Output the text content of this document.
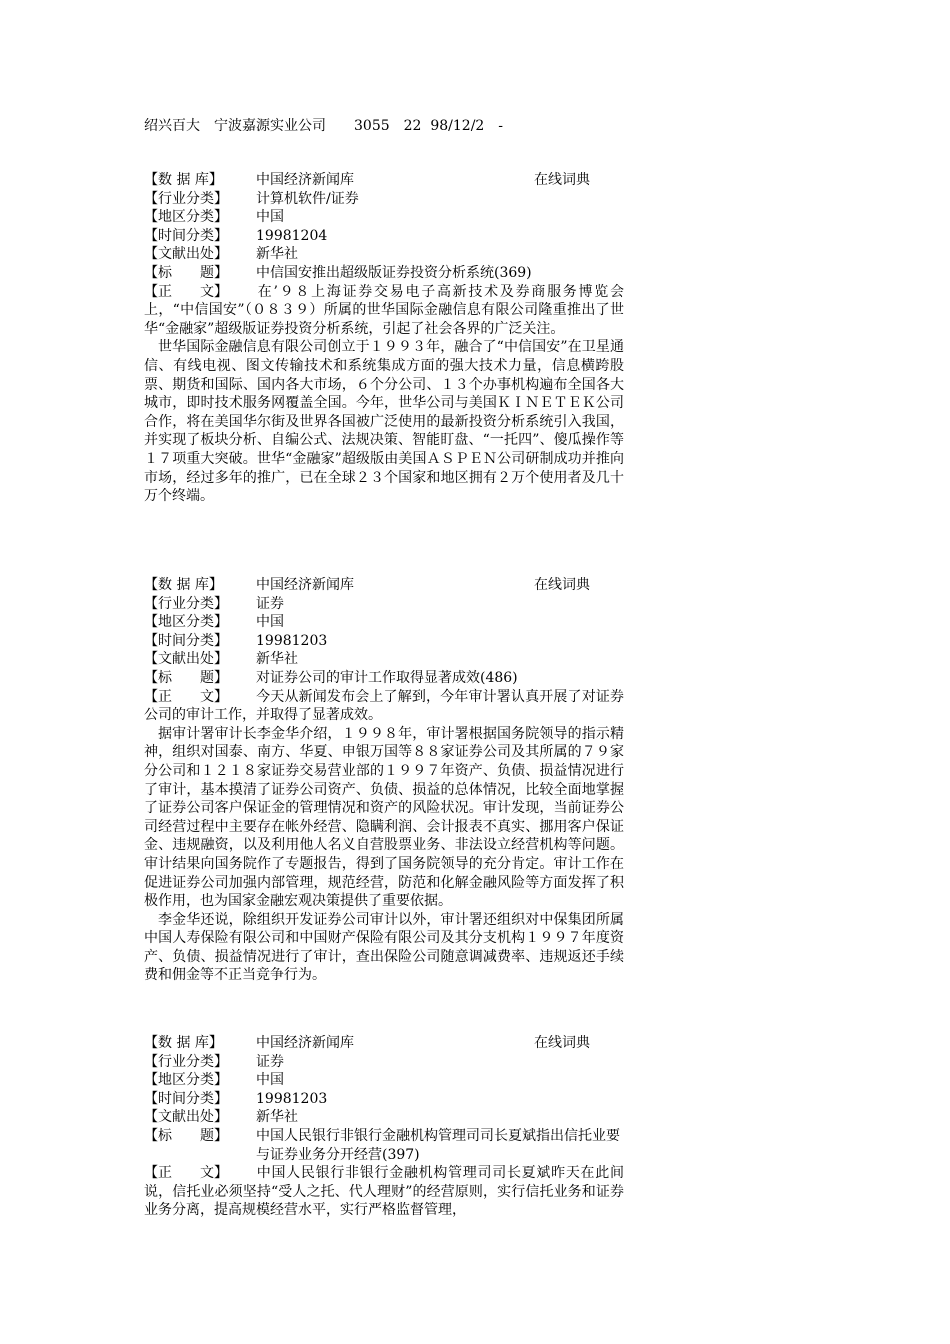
绍兴百大　宁波嘉源实业公司　　3055　22  98/12/2　-
【数 据 库】	中国经济新闻库	在线词典
【行业分类】	计算机软件/证券
【地区分类】	中国
【时间分类】	19981204
【文献出处】	新华社
【标　　题】	中信国安推出超级版证券投资分析系统(369)
【正　　文】 在’９８上海证券交易电子高新技术及券商服务博览会上，“中信国安”（０８３９）所属的世华国际金融信息有限公司隆重推出了世华“金融家”超级版证券投资分析系统，引起了社会各界的广泛关注。
世华国际金融信息有限公司创立于１９９３年，融合了“中信国安”在卫星通信、有线电视、图文传输技术和系统集成方面的强大技术力量，信息横跨股票、期货和国际、国内各大市场，６个分公司、１３个办事机构遍布全国各大城市，即时技术服务网覆盖全国。今年，世华公司与美国ＫＩＮＥＴＥＫ公司合作，将在美国华尔街及世界各国被广泛使用的最新投资分析系统引入我国，并实现了板块分析、自编公式、法规决策、智能盯盘、“一托四”、傻瓜操作等１７项重大突破。世华“金融家”超级版由美国ＡＳＰＥＮ公司研制成功并推向市场，经过多年的推广，已在全球２３个国家和地区拥有２万个使用者及几十万个终端。
【数 据 库】	中国经济新闻库	在线词典
【行业分类】	证券
【地区分类】	中国
【时间分类】	19981203
【文献出处】	新华社
【标　　题】	对证券公司的审计工作取得显著成效(486)
【正　　文】 今天从新闻发布会上了解到，今年审计署认真开展了对证券公司的审计工作，并取得了显著成效。
据审计署审计长李金华介绍，１９９８年，审计署根据国务院领导的指示精神，组织对国泰、南方、华夏、申银万国等８８家证券公司及其所属的７９家分公司和１２１８家证券交易营业部的１９９７年资产、负债、损益情况进行了审计，基本摸清了证券公司资产、负债、损益的总体情况，比较全面地掌握了证券公司客户保证金的管理情况和资产的风险状况。审计发现，当前证券公司经营过程中主要存在帐外经营、隐瞒利润、会计报表不真实、挪用客户保证金、违规融资，以及利用他人名义自营股票业务、非法设立经营机构等问题。审计结果向国务院作了专题报告，得到了国务院领导的充分肯定。审计工作在促进证券公司加强内部管理，规范经营，防范和化解金融风险等方面发挥了积极作用，也为国家金融宏观决策提供了重要依据。
李金华还说，除组织开发证券公司审计以外，审计署还组织对中保集团所属中国人寿保险有限公司和中国财产保险有限公司及其分支机构１９９７年度资产、负债、损益情况进行了审计，查出保险公司随意调减费率、违规返还手续费和佣金等不正当竞争行为。
【数 据 库】	中国经济新闻库	在线词典
【行业分类】	证券
【地区分类】	中国
【时间分类】	19981203
【文献出处】	新华社
【标　　题】	中国人民银行非银行金融机构管理司司长夏斌指出信托业要与证券业务分开经营(397)
【正　　文】 中国人民银行非银行金融机构管理司司长夏斌昨天在此间说，信托业必须坚持“受人之托、代人理财”的经营原则，实行信托业务和证券业务分离，提高规模经营水平，实行严格监督管理，
